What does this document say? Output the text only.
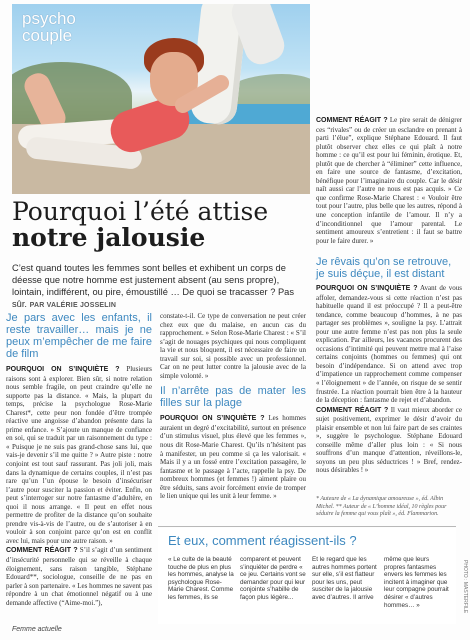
psycho
couple
Pourquoi l’été attise
notre jalousie

C’est quand toutes les femmes sont belles et exhibent un corps de déesse que notre homme est justement absent (au sens propre), lointain, indifférent, ou pire, émoustillé … De quoi se tracasser ? Pas sûr. PAR VALÉRIE JOSSELIN

Je pars avec les enfants, il reste travailler… mais je ne peux m’empêcher de me faire de film

POURQUOI ON S’INQUIÈTE ? Plusieurs raisons sont à explorer. Bien sûr, si notre relation nous semble fragile, on peut craindre qu’elle ne supporte pas la distance. « Mais, la plupart du temps, précise la psychologue Rose-Marie Charest*, cette peur non fondée d’être trompée réactive une angoisse d’abandon présente dans la prime enfance. » S’ajoute un manque de confiance en soi, qui se traduit par un raisonnement du type : « Puisque je ne suis pas grand-chose sans lui, que vais-je devenir s’il me quitte ? » Autre piste : notre conjoint est tout sauf rassurant. Pas joli joli, mais dans la dynamique de certains couples, il n’est pas rare qu’un l’un épouse le besoin d’insécuriser l’autre pour susciter la passion et éviter. Enfin, on peut s’interroger sur notre fantasme d’adultère, en quoi il nous arrange. « Il peut en effet nous permettre de profiter de la distance qu’on souhaite prendre vis-à-vis de l’autre, ou de s’autoriser à en vouloir à son conjoint parce qu’on est en conflit avec lui, mais pour une autre raison. »

COMMENT RÉAGIT ? S’il s’agit d’un sentiment d’insécurité personnelle qui se réveille à chaque éloignement, sans raison tangible, Stéphane Edouard**, sociologue, conseille de ne pas en parler à son partenaire. « Les hommes ne savent pas répondre à un chat émotionnel négatif ou à une demande affective (“Aime-moi.”),

constate-t-il. Ce type de conversation ne peut créer chez eux que du malaise, en aucun cas du rapprochement. » Selon Rose-Marie Charest : « S’il s’agit de nouages psychiques qui nous compliquent la vie et nous bloquent, il est nécessaire de faire un travail sur soi, si possible avec un professionnel. Car on ne peut lutter contre la jalousie avec de la simple volonté. »

Il n’arrête pas de mater les filles sur la plage

POURQUOI ON S’INQUIÈTE ? Les hommes auraient un degré d’excitabilité, surtout en présence d’un stimulus visuel, plus élevé que les femmes », nous dit Rose-Marie Charest. Qu’ils n’hésitent pas à manifester, un peu comme si ça les valorisait. « Mais il y a un fossé entre l’excitation passagère, le fantasme et le passage à l’acte, rappelle la psy. De nombreux hommes (et femmes !) aiment plaire ou être séduits, sans avoir forcément envie de tromper le lien unique qui les unit à leur femme. »

COMMENT RÉAGIT ? Le pire serait de dénigrer ces “rivales” ou de créer un esclandre en prenant à parti l’élue”, explique Stéphane Edouard. Il faut plutôt observer chez elles ce qui plaît à notre homme : ce qu’il est pour lui féminin, érotique. Et, plutôt que de chercher à “éliminer” cette influence, en faire une source de fantasme, d’excitation, bénéfique pour l’imaginaire du couple. Car le désir naît aussi car l’autre ne nous est pas acquis. » Ce que confirme Rose-Marie Charest : « Vouloir être tout pour l’autre, plus belle que les autres, répond à une conception infantile de l’amour. Il n’y a d’inconditionnel que l’amour parental. Le sentiment amoureux s’entretient : il faut se battre pour le faire durer. »

Je rêvais qu’on se retrouve, je suis déçue, il est distant

POURQUOI ON S’INQUIÈTE ? Avant de vous affoler, demandez-vous si cette réaction n’est pas habituelle quand il est préoccupé ? Il a peut-être tendance, comme beaucoup d’hommes, à ne pas partager ses problèmes », souligne la psy. L’attrait pour une autre femme n’est pas non plus la seule explication. Par ailleurs, les vacances procurent des occasions d’intimité qui peuvent mettre mal à l’aise certains conjoints (hommes ou femmes) qui ont besoin d’indépendance. Si on attend avec trop d’impatience un rapprochement comme compenser « l’éloignement » de l’année, on risque de se sentir frustrée. La réaction pourrait bien être à la hauteur de la déception : fantasme de rejet et d’abandon.

COMMENT RÉAGIT ? Il vaut mieux aborder ce sujet positivement, exprimer le désir d’avoir du plaisir ensemble et non lui faire part de ses craintes », suggère le psychologue. Stéphane Edouard conseille même d’aller plus loin : « Si nous souffrons d’un manque d’attention, réveillons-le, soyons un peu plus séductrices ! » Bref, rendez-nous désirables ! »

* Auteure de « La dynamique amoureuse », éd. Albin Michel. ** Auteur de « L’homme idéal, 10 règles pour séduire la femme qui vous plaît », éd. Flammarion.
Et eux, comment réagissent-ils ?
« Le culte de la beauté touche de plus en plus les hommes, analyse la psychologue Rose-Marie Charest. Comme les femmes, ils se
comparent et peuvent s’inquiéter de perdre « ce jeu. Certains vont se demander pour qui leur conjointe s’habille de façon plus légère...
Et le regard que les autres hommes portent sur elle, s’il est flatteur pour les uns, peut susciter de la jalousie avec d’autres. Il arrive
même que leurs propres fantasmes envers les femmes les incitent à imaginer que leur compagne pourrait désirer « d’autres hommes… »	PHOTO : MASTERFILE
Femme actuelle
